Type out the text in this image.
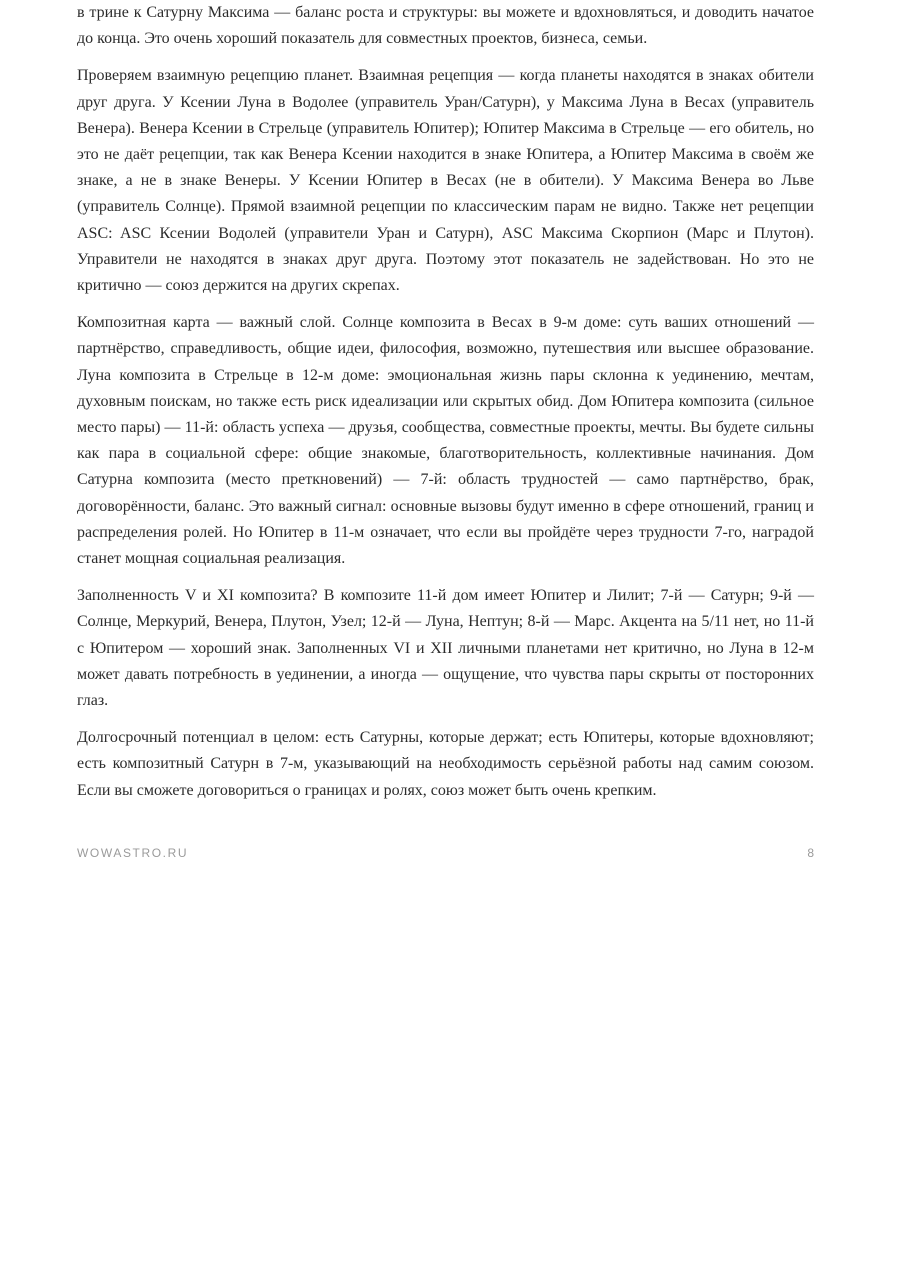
в трине к Сатурну Максима — баланс роста и структуры: вы можете и вдохновляться, и доводить начатое до конца. Это очень хороший показатель для совместных проектов, бизнеса, семьи.

Проверяем взаимную рецепцию планет. Взаимная рецепция — когда планеты находятся в знаках обители друг друга. У Ксении Луна в Водолее (управитель Уран/Сатурн), у Максима Луна в Весах (управитель Венера). Венера Ксении в Стрельце (управитель Юпитер); Юпитер Максима в Стрельце — его обитель, но это не даёт рецепции, так как Венера Ксении находится в знаке Юпитера, а Юпитер Максима в своём же знаке, а не в знаке Венеры. У Ксении Юпитер в Весах (не в обители). У Максима Венера во Льве (управитель Солнце). Прямой взаимной рецепции по классическим парам не видно. Также нет рецепции ASC: ASC Ксении Водолей (управители Уран и Сатурн), ASC Максима Скорпион (Марс и Плутон). Управители не находятся в знаках друг друга. Поэтому этот показатель не задействован. Но это не критично — союз держится на других скрепах.

Композитная карта — важный слой. Солнце композита в Весах в 9-м доме: суть ваших отношений — партнёрство, справедливость, общие идеи, философия, возможно, путешествия или высшее образование. Луна композита в Стрельце в 12-м доме: эмоциональная жизнь пары склонна к уединению, мечтам, духовным поискам, но также есть риск идеализации или скрытых обид. Дом Юпитера композита (сильное место пары) — 11-й: область успеха — друзья, сообщества, совместные проекты, мечты. Вы будете сильны как пара в социальной сфере: общие знакомые, благотворительность, коллективные начинания. Дом Сатурна композита (место преткновений) — 7-й: область трудностей — само партнёрство, брак, договорённости, баланс. Это важный сигнал: основные вызовы будут именно в сфере отношений, границ и распределения ролей. Но Юпитер в 11-м означает, что если вы пройдёте через трудности 7-го, наградой станет мощная социальная реализация.

Заполненность V и XI композита? В композите 11-й дом имеет Юпитер и Лилит; 7-й — Сатурн; 9-й — Солнце, Меркурий, Венера, Плутон, Узел; 12-й — Луна, Нептун; 8-й — Марс. Акцента на 5/11 нет, но 11-й с Юпитером — хороший знак. Заполненных VI и XII личными планетами нет критично, но Луна в 12-м может давать потребность в уединении, а иногда — ощущение, что чувства пары скрыты от посторонних глаз.

Долгосрочный потенциал в целом: есть Сатурны, которые держат; есть Юпитеры, которые вдохновляют; есть композитный Сатурн в 7-м, указывающий на необходимость серьёзной работы над самим союзом. Если вы сможете договориться о границах и ролях, союз может быть очень крепким.

WOWASTRO.RU	8
